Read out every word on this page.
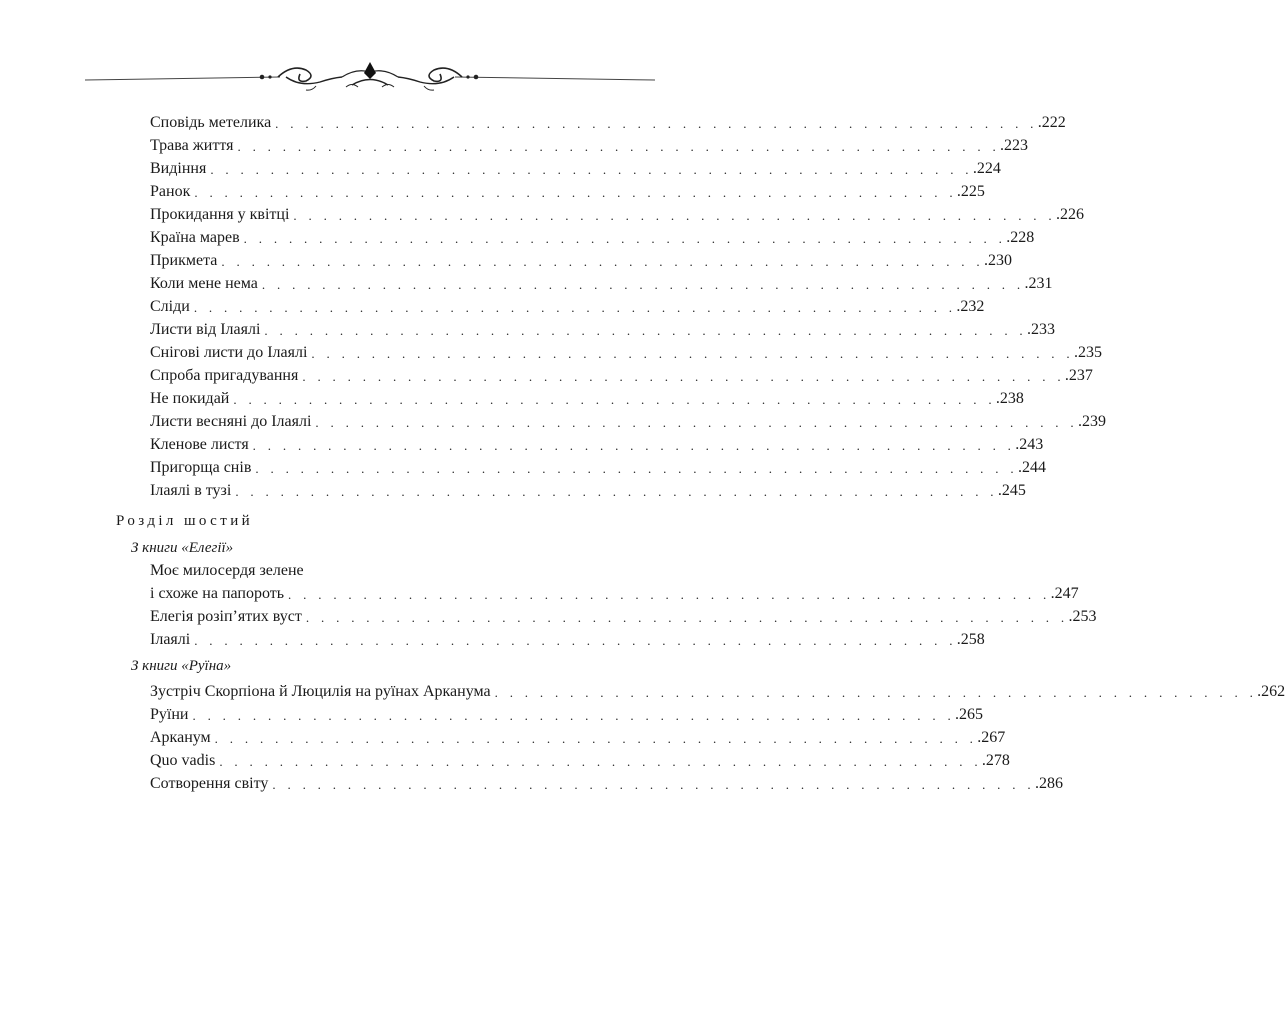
Сповідь метелика . . . . . . . . . . . . . . . . . . . . . . . . . . . . . . . . . . . . . . . . . . . . . . . . . . . .222
Трава життя . . . . . . . . . . . . . . . . . . . . . . . . . . . . . . . . . . . . . . . . . . . . . . . . . . . .223
Видіння . . . . . . . . . . . . . . . . . . . . . . . . . . . . . . . . . . . . . . . . . . . . . . . . . . . .224
Ранок . . . . . . . . . . . . . . . . . . . . . . . . . . . . . . . . . . . . . . . . . . . . . . . . . . . .225
Прокидання у квітці . . . . . . . . . . . . . . . . . . . . . . . . . . . . . . . . . . . . . . . . . . . . . . . . . . . .226
Країна марев . . . . . . . . . . . . . . . . . . . . . . . . . . . . . . . . . . . . . . . . . . . . . . . . . . . .228
Прикмета . . . . . . . . . . . . . . . . . . . . . . . . . . . . . . . . . . . . . . . . . . . . . . . . . . . .230
Коли мене нема . . . . . . . . . . . . . . . . . . . . . . . . . . . . . . . . . . . . . . . . . . . . . . . . . . . .231
Сліди . . . . . . . . . . . . . . . . . . . . . . . . . . . . . . . . . . . . . . . . . . . . . . . . . . . .232
Листи від Ілаялі . . . . . . . . . . . . . . . . . . . . . . . . . . . . . . . . . . . . . . . . . . . . . . . . . . . .233
Снігові листи до Ілаялі . . . . . . . . . . . . . . . . . . . . . . . . . . . . . . . . . . . . . . . . . . . . . . . . . . . .235
Спроба пригадування . . . . . . . . . . . . . . . . . . . . . . . . . . . . . . . . . . . . . . . . . . . . . . . . . . . .237
Не покидай . . . . . . . . . . . . . . . . . . . . . . . . . . . . . . . . . . . . . . . . . . . . . . . . . . . .238
Листи весняні до Ілаялі . . . . . . . . . . . . . . . . . . . . . . . . . . . . . . . . . . . . . . . . . . . . . . . . . . . .239
Кленове листя . . . . . . . . . . . . . . . . . . . . . . . . . . . . . . . . . . . . . . . . . . . . . . . . . . . .243
Пригорща снів . . . . . . . . . . . . . . . . . . . . . . . . . . . . . . . . . . . . . . . . . . . . . . . . . . . .244
Ілаялі в тузі . . . . . . . . . . . . . . . . . . . . . . . . . . . . . . . . . . . . . . . . . . . . . . . . . . . .245
Розділ шостий
З книги «Елегії»
Моє милосердя зелене
і схоже на папороть . . . . . . . . . . . . . . . . . . . . . . . . . . . . . . . . . . . . . . . . . . . . . . . . . . . .247
Елегія розіп’ятих вуст . . . . . . . . . . . . . . . . . . . . . . . . . . . . . . . . . . . . . . . . . . . . . . . . . . . .253
Ілаялі . . . . . . . . . . . . . . . . . . . . . . . . . . . . . . . . . . . . . . . . . . . . . . . . . . . .258
З книги «Руїна»
Зустріч Скорпіона й Люцилія на руїнах Арканума . . . . . . . . . . . . . . . . . . . . . . . . . . . . . . . . . . . . . . . . . . . . . . . . . . . .262
Руїни . . . . . . . . . . . . . . . . . . . . . . . . . . . . . . . . . . . . . . . . . . . . . . . . . . . .265
Арканум . . . . . . . . . . . . . . . . . . . . . . . . . . . . . . . . . . . . . . . . . . . . . . . . . . . .267
Quo vadis . . . . . . . . . . . . . . . . . . . . . . . . . . . . . . . . . . . . . . . . . . . . . . . . . . . .278
Сотворення світу . . . . . . . . . . . . . . . . . . . . . . . . . . . . . . . . . . . . . . . . . . . . . . . . . . . .286
